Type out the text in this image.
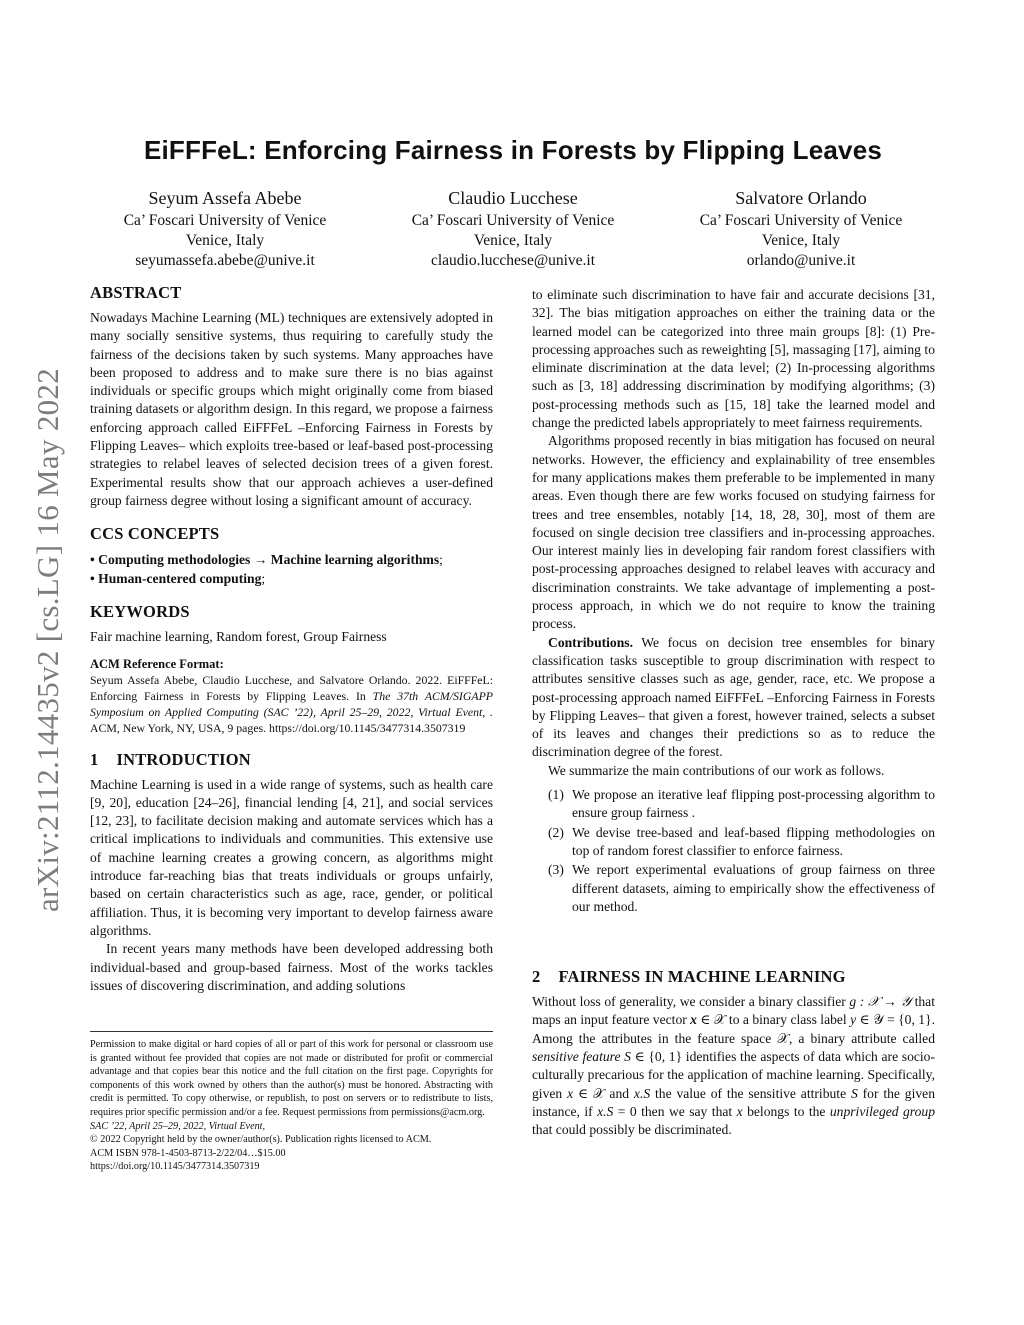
arXiv:2112.14435v2 [cs.LG] 16 May 2022
EiFFFeL: Enforcing Fairness in Forests by Flipping Leaves
Seyum Assefa Abebe
Ca’ Foscari University of Venice
Venice, Italy
seyumassefa.abebe@unive.it
Claudio Lucchese
Ca’ Foscari University of Venice
Venice, Italy
claudio.lucchese@unive.it
Salvatore Orlando
Ca’ Foscari University of Venice
Venice, Italy
orlando@unive.it
ABSTRACT

Nowadays Machine Learning (ML) techniques are extensively adopted in many socially sensitive systems, thus requiring to carefully study the fairness of the decisions taken by such systems. Many approaches have been proposed to address and to make sure there is no bias against individuals or specific groups which might originally come from biased training datasets or algorithm design. In this regard, we propose a fairness enforcing approach called EiFFFeL –Enforcing Fairness in Forests by Flipping Leaves– which exploits tree-based or leaf-based post-processing strategies to relabel leaves of selected decision trees of a given forest. Experimental results show that our approach achieves a user-defined group fairness degree without losing a significant amount of accuracy.

CCS CONCEPTS
• Computing methodologies → Machine learning algorithms;
• Human-centered computing;
KEYWORDS

Fair machine learning, Random forest, Group Fairness

ACM Reference Format:
Seyum Assefa Abebe, Claudio Lucchese, and Salvatore Orlando. 2022. EiFFFeL: Enforcing Fairness in Forests by Flipping Leaves. In The 37th ACM/SIGAPP Symposium on Applied Computing (SAC ’22), April 25–29, 2022, Virtual Event, . ACM, New York, NY, USA, 9 pages. https://doi.org/10.1145/3477314.3507319
1 INTRODUCTION

Machine Learning is used in a wide range of systems, such as health care [9, 20], education [24–26], financial lending [4, 21], and social services [12, 23], to facilitate decision making and automate services which has a critical implications to individuals and communities. This extensive use of machine learning creates a growing concern, as algorithms might introduce far-reaching bias that treats individuals or groups unfairly, based on certain characteristics such as age, race, gender, or political affiliation. Thus, it is becoming very important to develop fairness aware algorithms.

In recent years many methods have been developed addressing both individual-based and group-based fairness. Most of the works tackles issues of discovering discrimination, and adding solutions

Permission to make digital or hard copies of all or part of this work for personal or classroom use is granted without fee provided that copies are not made or distributed for profit or commercial advantage and that copies bear this notice and the full citation on the first page. Copyrights for components of this work owned by others than the author(s) must be honored. Abstracting with credit is permitted. To copy otherwise, or republish, to post on servers or to redistribute to lists, requires prior specific permission and/or a fee. Request permissions from permissions@acm.org.

SAC ’22, April 25–29, 2022, Virtual Event,
© 2022 Copyright held by the owner/author(s). Publication rights licensed to ACM.
ACM ISBN 978-1-4503-8713-2/22/04…$15.00
https://doi.org/10.1145/3477314.3507319

to eliminate such discrimination to have fair and accurate decisions [31, 32]. The bias mitigation approaches on either the training data or the learned model can be categorized into three main groups [8]: (1) Pre-processing approaches such as reweighting [5], massaging [17], aiming to eliminate discrimination at the data level; (2) In-processing algorithms such as [3, 18] addressing discrimination by modifying algorithms; (3) post-processing methods such as [15, 18] take the learned model and change the predicted labels appropriately to meet fairness requirements.

Algorithms proposed recently in bias mitigation has focused on neural networks. However, the efficiency and explainability of tree ensembles for many applications makes them preferable to be implemented in many areas. Even though there are few works focused on studying fairness for trees and tree ensembles, notably [14, 18, 28, 30], most of them are focused on single decision tree classifiers and in-processing approaches. Our interest mainly lies in developing fair random forest classifiers with post-processing approaches designed to relabel leaves with accuracy and discrimination constraints. We take advantage of implementing a post-process approach, in which we do not require to know the training process.

Contributions. We focus on decision tree ensembles for binary classification tasks susceptible to group discrimination with respect to attributes sensitive classes such as age, gender, race, etc. We propose a post-processing approach named EiFFFeL –Enforcing Fairness in Forests by Flipping Leaves– that given a forest, however trained, selects a subset of its leaves and changes their predictions so as to reduce the discrimination degree of the forest.

We summarize the main contributions of our work as follows.

(1) We propose an iterative leaf flipping post-processing algorithm to ensure group fairness .
(2) We devise tree-based and leaf-based flipping methodologies on top of random forest classifier to enforce fairness.
(3) We report experimental evaluations of group fairness on three different datasets, aiming to empirically show the effectiveness of our method.
2 FAIRNESS IN MACHINE LEARNING

Without loss of generality, we consider a binary classifier g : 𝒳 → 𝒴 that maps an input feature vector x ∈ 𝒳 to a binary class label y ∈ 𝒴 = {0, 1}. Among the attributes in the feature space 𝒳, a binary attribute called sensitive feature S ∈ {0, 1} identifies the aspects of data which are socio-culturally precarious for the application of machine learning. Specifically, given x ∈ 𝒳 and x.S the value of the sensitive attribute S for the given instance, if x.S = 0 then we say that x belongs to the unprivileged group that could possibly be discriminated.
